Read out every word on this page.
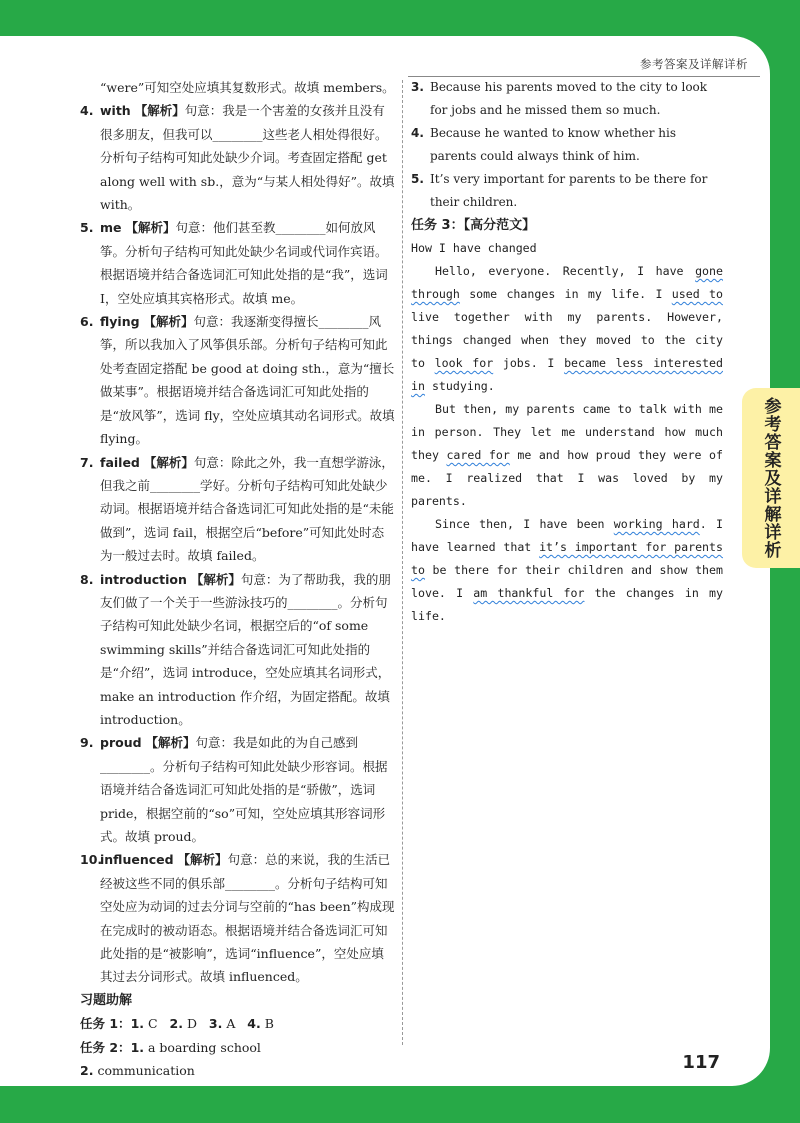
参考答案及详解详析

“were”可知空处应填其复数形式。故填 members。

4. with 【解析】句意：我是一个害羞的女孩并且没有很多朋友，但我可以________这些老人相处得很好。分析句子结构可知此处缺少介词。考查固定搭配 get along well with sb.，意为“与某人相处得好”。故填 with。
5. me 【解析】句意：他们甚至教________如何放风筝。分析句子结构可知此处缺少名词或代词作宾语。根据语境并结合备选词汇可知此处指的是“我”，选词 I，空处应填其宾格形式。故填 me。
6. flying 【解析】句意：我逐渐变得擅长________风筝，所以我加入了风筝俱乐部。分析句子结构可知此处考查固定搭配 be good at doing sth.，意为“擅长做某事”。根据语境并结合备选词汇可知此处指的是“放风筝”，选词 fly，空处应填其动名词形式。故填 flying。
7. failed 【解析】句意：除此之外，我一直想学游泳，但我之前________学好。分析句子结构可知此处缺少动词。根据语境并结合备选词汇可知此处指的是“未能做到”，选词 fail，根据空后“before”可知此处时态为一般过去时。故填 failed。
8. introduction 【解析】句意：为了帮助我，我的朋友们做了一个关于一些游泳技巧的________。分析句子结构可知此处缺少名词，根据空后的“of some swimming skills”并结合备选词汇可知此处指的是“介绍”，选词 introduce，空处应填其名词形式，make an introduction 作介绍，为固定搭配。故填 introduction。
9. proud 【解析】句意：我是如此的为自己感到________。分析句子结构可知此处缺少形容词。根据语境并结合备选词汇可知此处指的是“骄傲”，选词 pride，根据空前的“so”可知，空处应填其形容词形式。故填 proud。
10.
influenced 【解析】句意：总的来说，我的生活已经被这些不同的俱乐部________。分析句子结构可知空处应为动词的过去分词与空前的“has been”构成现在完成时的被动语态。根据语境并结合备选词汇可知此处指的是“被影响”，选词“influence”，空处应填其过去分词形式。故填 influenced。

习题助解

任务 1：1. C 2. D 3. A 4. B

任务 2：1. a boarding school

2. communication

3. Because his parents moved to the city to look for jobs and he missed them so much.
4. Because he wanted to know whether his parents could always think of him.
5. It’s very important for parents to be there for their children.

任务 3：【高分范文】

How I have changed

Hello, everyone. Recently, I have gone through some changes in my life. I used to live together with my parents. However, things changed when they moved to the city to look for jobs. I became less interested in studying.

But then, my parents came to talk with me in person. They let me understand how much they cared for me and how proud they were of me. I realized that I was loved by my parents.

Since then, I have been working hard. I have learned that it’s important for parents to be there for their children and show them love. I am thankful for the changes in my life.

参考答案及详解详析
117
